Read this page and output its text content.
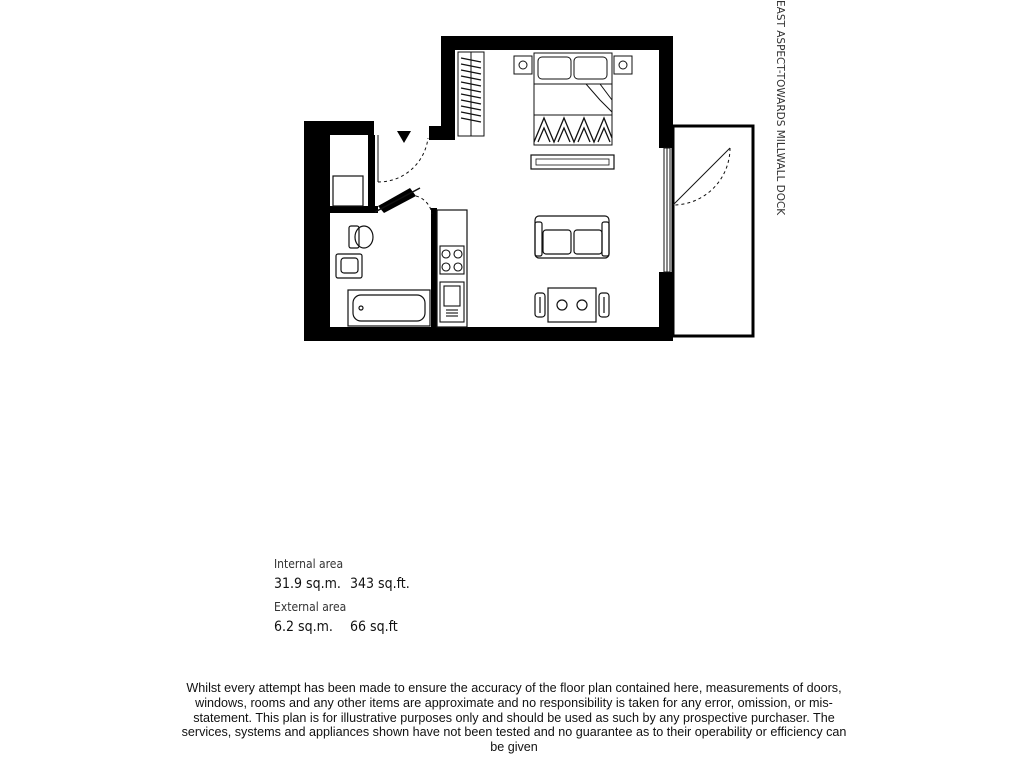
EAST ASPECT-TOWARDS MILLWALL DOCK
Internal area
31.9 sq.m. 343 sq.ft.
External area
6.2 sq.m. 66 sq.ft
Whilst every attempt has been made to ensure the accuracy of the floor plan contained here, measurements of doors, windows, rooms and any other items are approximate and no responsibility is taken for any error, omission, or mis-statement. This plan is for illustrative purposes only and should be used as such by any prospective purchaser. The services, systems and appliances shown have not been tested and no guarantee as to their operability or efficiency can be given
